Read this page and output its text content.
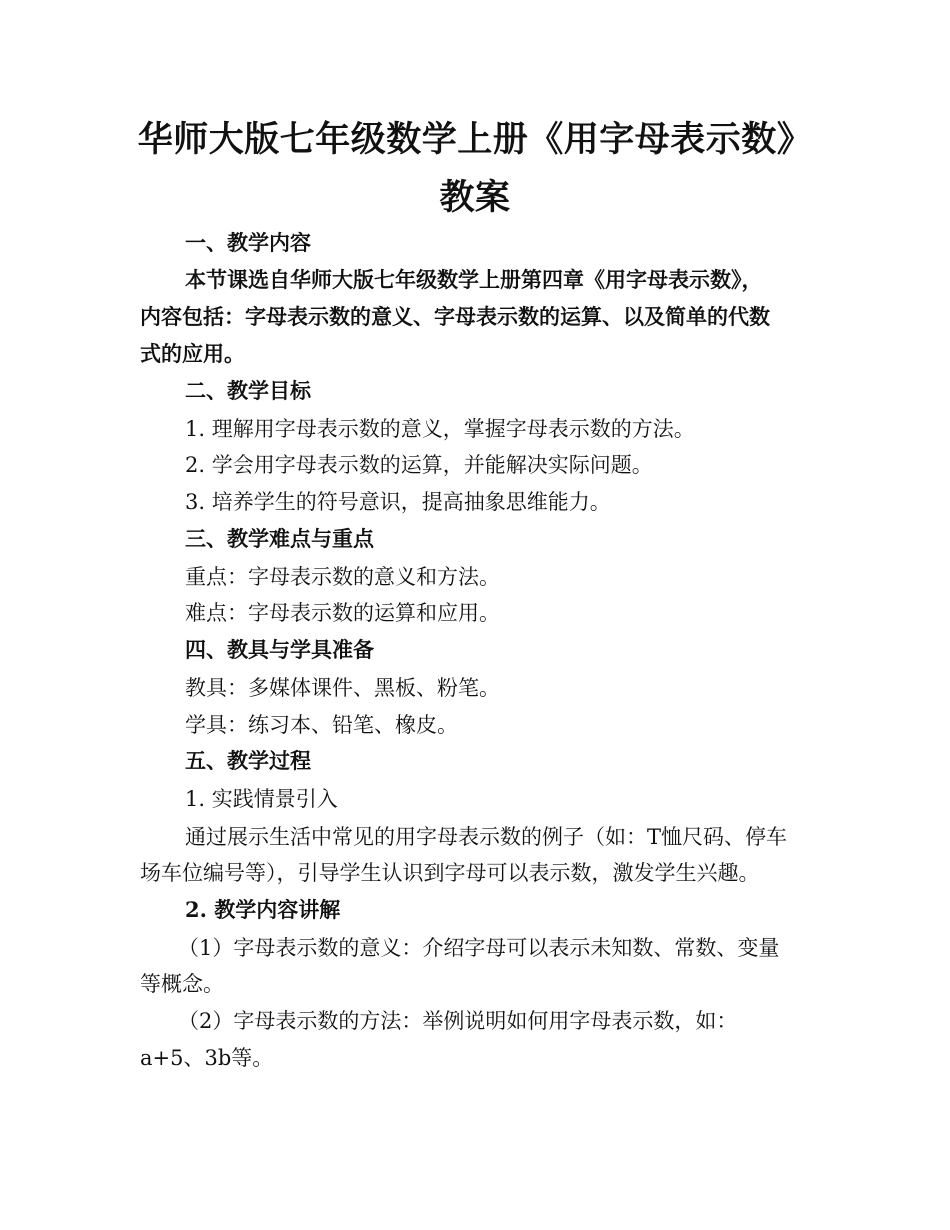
华师大版七年级数学上册《用字母表示数》
教案
一、教学内容
本节课选自华师大版七年级数学上册第四章《用字母表示数》，
内容包括：字母表示数的意义、字母表示数的运算、以及简单的代数
式的应用。
二、教学目标
1. 理解用字母表示数的意义，掌握字母表示数的方法。
2. 学会用字母表示数的运算，并能解决实际问题。
3. 培养学生的符号意识，提高抽象思维能力。
三、教学难点与重点
重点：字母表示数的意义和方法。
难点：字母表示数的运算和应用。
四、教具与学具准备
教具：多媒体课件、黑板、粉笔。
学具：练习本、铅笔、橡皮。
五、教学过程
1. 实践情景引入
通过展示生活中常见的用字母表示数的例子（如：T恤尺码、停车
场车位编号等），引导学生认识到字母可以表示数，激发学生兴趣。
2. 教学内容讲解
（1）字母表示数的意义：介绍字母可以表示未知数、常数、变量
等概念。
（2）字母表示数的方法：举例说明如何用字母表示数，如：
a+5、3b等。
